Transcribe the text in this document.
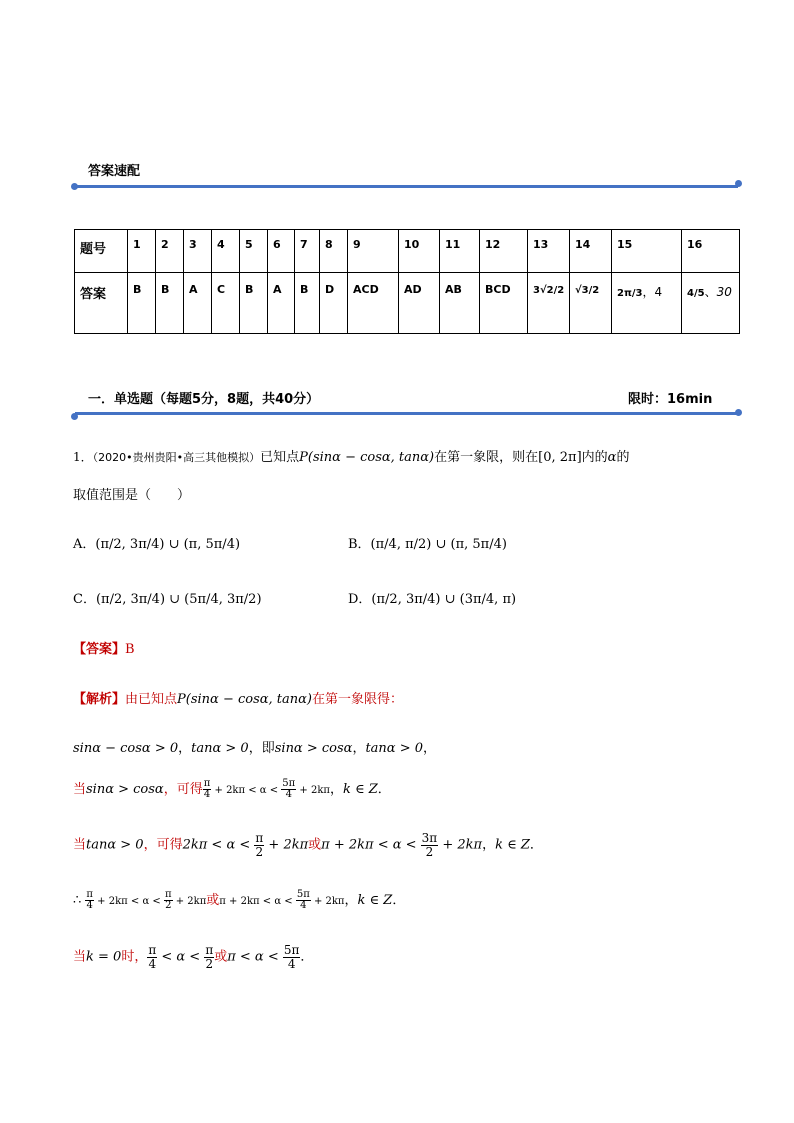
答案速配
题号	1	2	3	4	5	6	7	8	9	10	11	12	13	14	15	16
答案	B	B	A	C	B	A	B	D	ACD	AD	AB	BCD	3√2/2	√3/2	2π/3，4	4/5、30
一．单选题（每题5分，8题，共40分）	限时：16min
1．（2020•贵州贵阳•高三其他模拟）已知点P(sinα − cosα, tanα)在第一象限，则在[0, 2π]内的α的
取值范围是（　　）
A．(π/2, 3π/4) ∪ (π, 5π/4)	B．(π/4, π/2) ∪ (π, 5π/4)
C．(π/2, 3π/4) ∪ (5π/4, 3π/2)	D．(π/2, 3π/4) ∪ (3π/4, π)
【答案】B
【解析】由已知点P(sinα − cosα, tanα)在第一象限得：
sinα − cosα > 0，tanα > 0，即sinα > cosα，tanα > 0，
当sinα > cosα，可得 $\frac{\pi}{4} + 2k\pi < \alpha < \frac{5\pi}{4} + 2k\pi$，k ∈ Z．
当tanα > 0，可得$2k\pi < \alpha < \frac{\pi}{2} + 2k\pi$或$\pi + 2k\pi < \alpha < \frac{3\pi}{2} + 2k\pi$，k ∈ Z．
∴ $\frac{\pi}{4} + 2k\pi < \alpha < \frac{\pi}{2} + 2k\pi$或$\pi + 2k\pi < \alpha < \frac{5\pi}{4} + 2k\pi$，k ∈ Z．
当k = 0时， $\frac{\pi}{4} < \alpha < \frac{\pi}{2}$ 或$\pi < \alpha < \frac{5\pi}{4}$ ．
